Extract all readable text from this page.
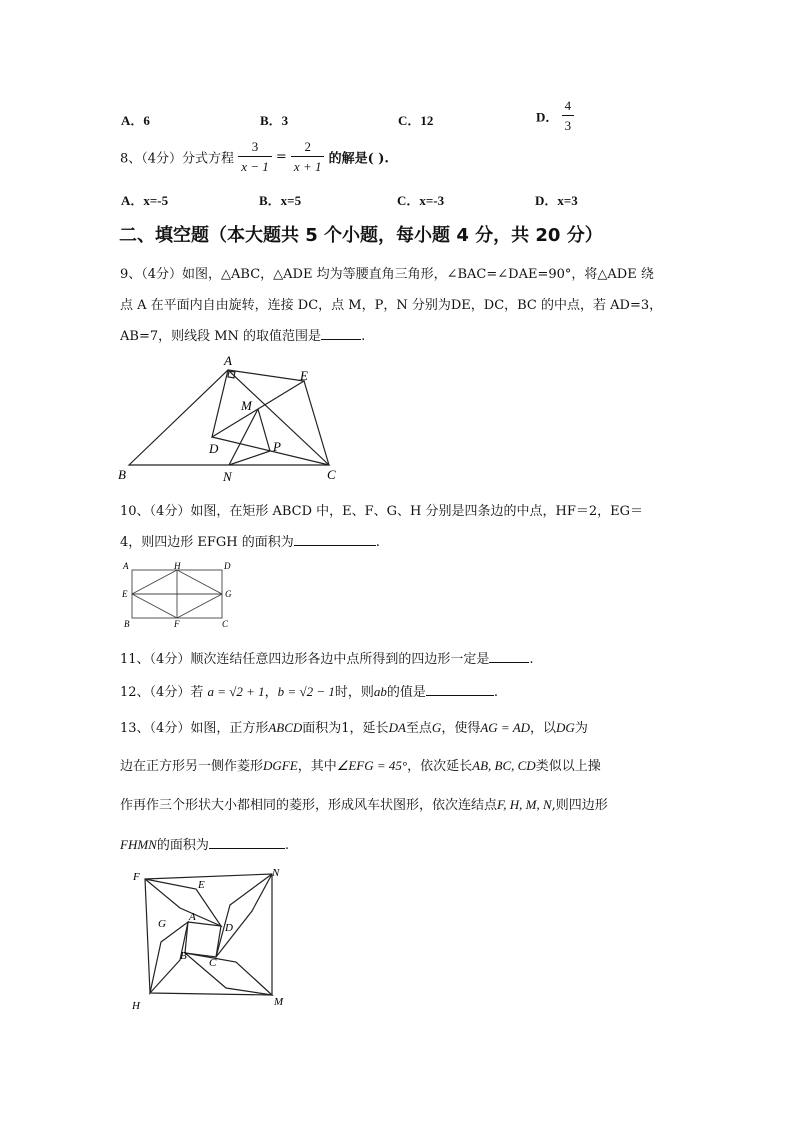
A．6	B．3	C．12	D． $\frac{4}{3}$
8、（4分）分式方程 $\frac{3}{x - 1} = \frac{2}{x + 1}$ 的解是( ).
A．x=-5	B．x=5	C．x=-3	D．x=3
二、填空题（本大题共 5 个小题，每小题 4 分，共 20 分）
9、（4分）如图，△ABC，△ADE 均为等腰直角三角形，∠BAC=∠DAE=90°，将△ADE 绕
点 A 在平面内自由旋转，连接 DC，点 M，P，N 分别为DE，DC，BC 的中点，若 AD=3，
AB=7，则线段 MN 的取值范围是	.
A
B	C
D
E
M
P
N
10、（4分）如图，在矩形 ABCD 中，E、F、G、H 分别是四条边的中点，HF＝2，EG＝
4，则四边形 EFGH 的面积为	.
A	H	D
E	G
B	F	C
11、（4分）顺次连结任意四边形各边中点所得到的四边形一定是	.
12、（4分）若 a = √2 + 1，b = √2 − 1时，则ab的值是	.
13、（4分）如图，正方形ABCD面积为1，延长DA至点G，使得AG = AD，以DG为
边在正方形另一侧作菱形DGFE，其中∠EFG = 45°，依次延长AB, BC, CD类似以上操
作再作三个形状大小都相同的菱形，形成风车状图形，依次连结点F, H, M, N,则四边形
FHMN的面积为	.
F	N
H	M
E
G
A
D
B
C
